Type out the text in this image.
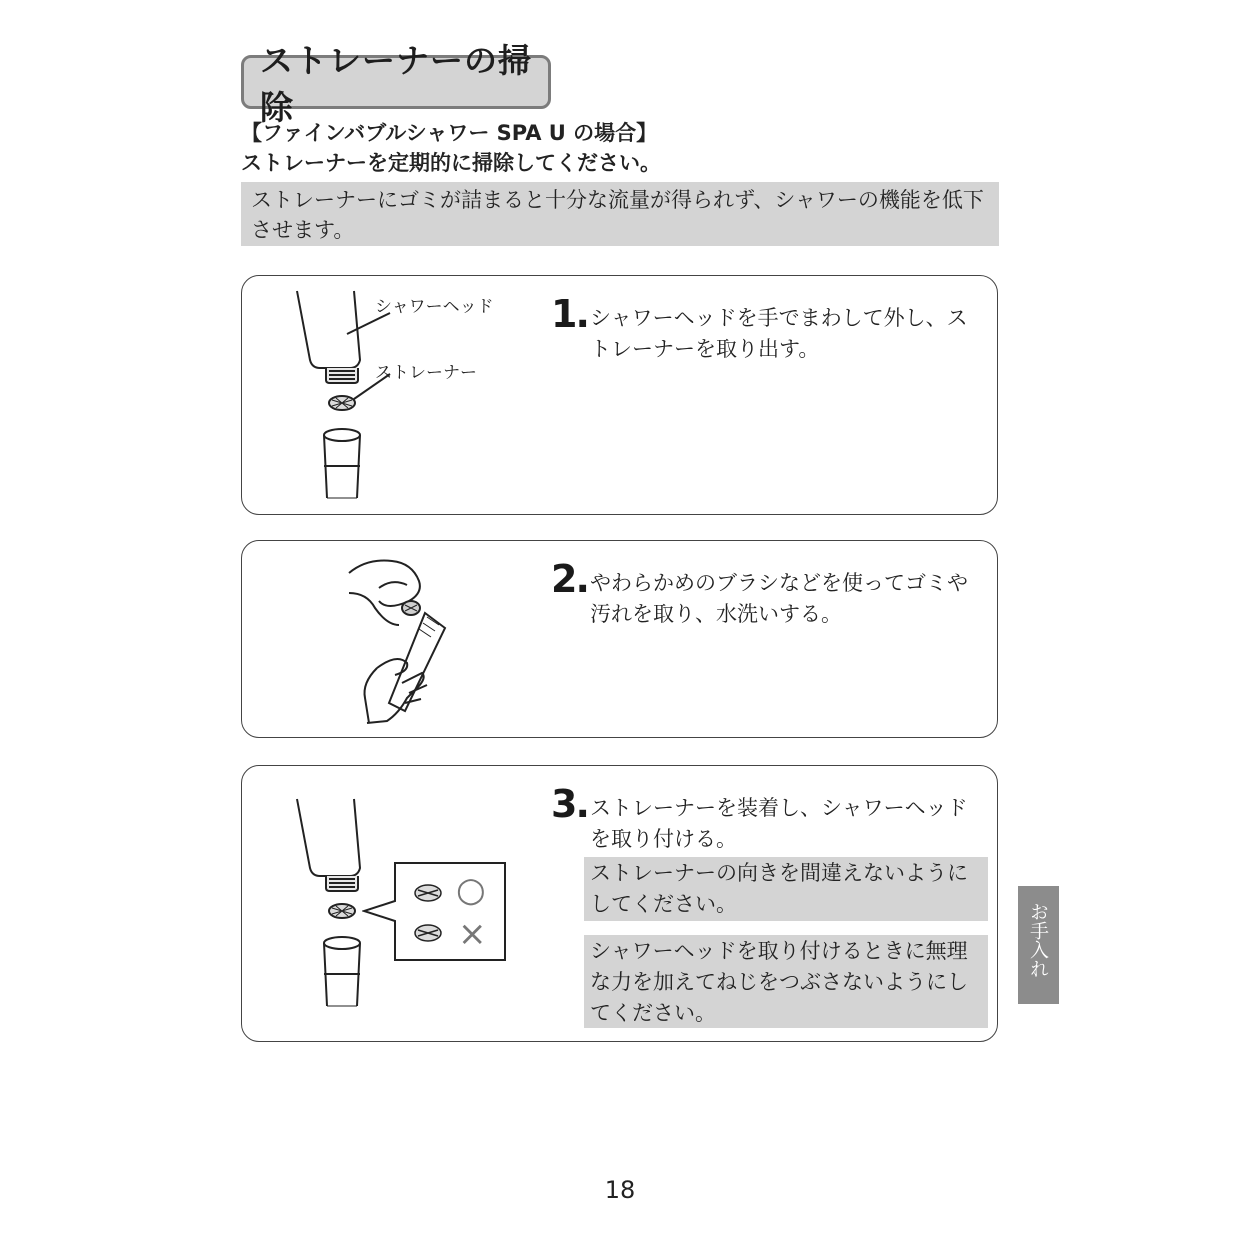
ストレーナーの掃除
【ファインバブルシャワー SPA U の場合】
ストレーナーを定期的に掃除してください。
ストレーナーにゴミが詰まると十分な流量が得られず、シャワーの機能を低下させます。
シャワーヘッド
ストレーナー
1. シャワーヘッドを手でまわして外し、ストレーナーを取り出す。
2. やわらかめのブラシなどを使ってゴミや汚れを取り、水洗いする。
○
×
3. ストレーナーを装着し、シャワーヘッドを取り付ける。
ストレーナーの向きを間違えないようにしてください。
シャワーヘッドを取り付けるときに無理な力を加えてねじをつぶさないようにしてください。
お手入れ
18
